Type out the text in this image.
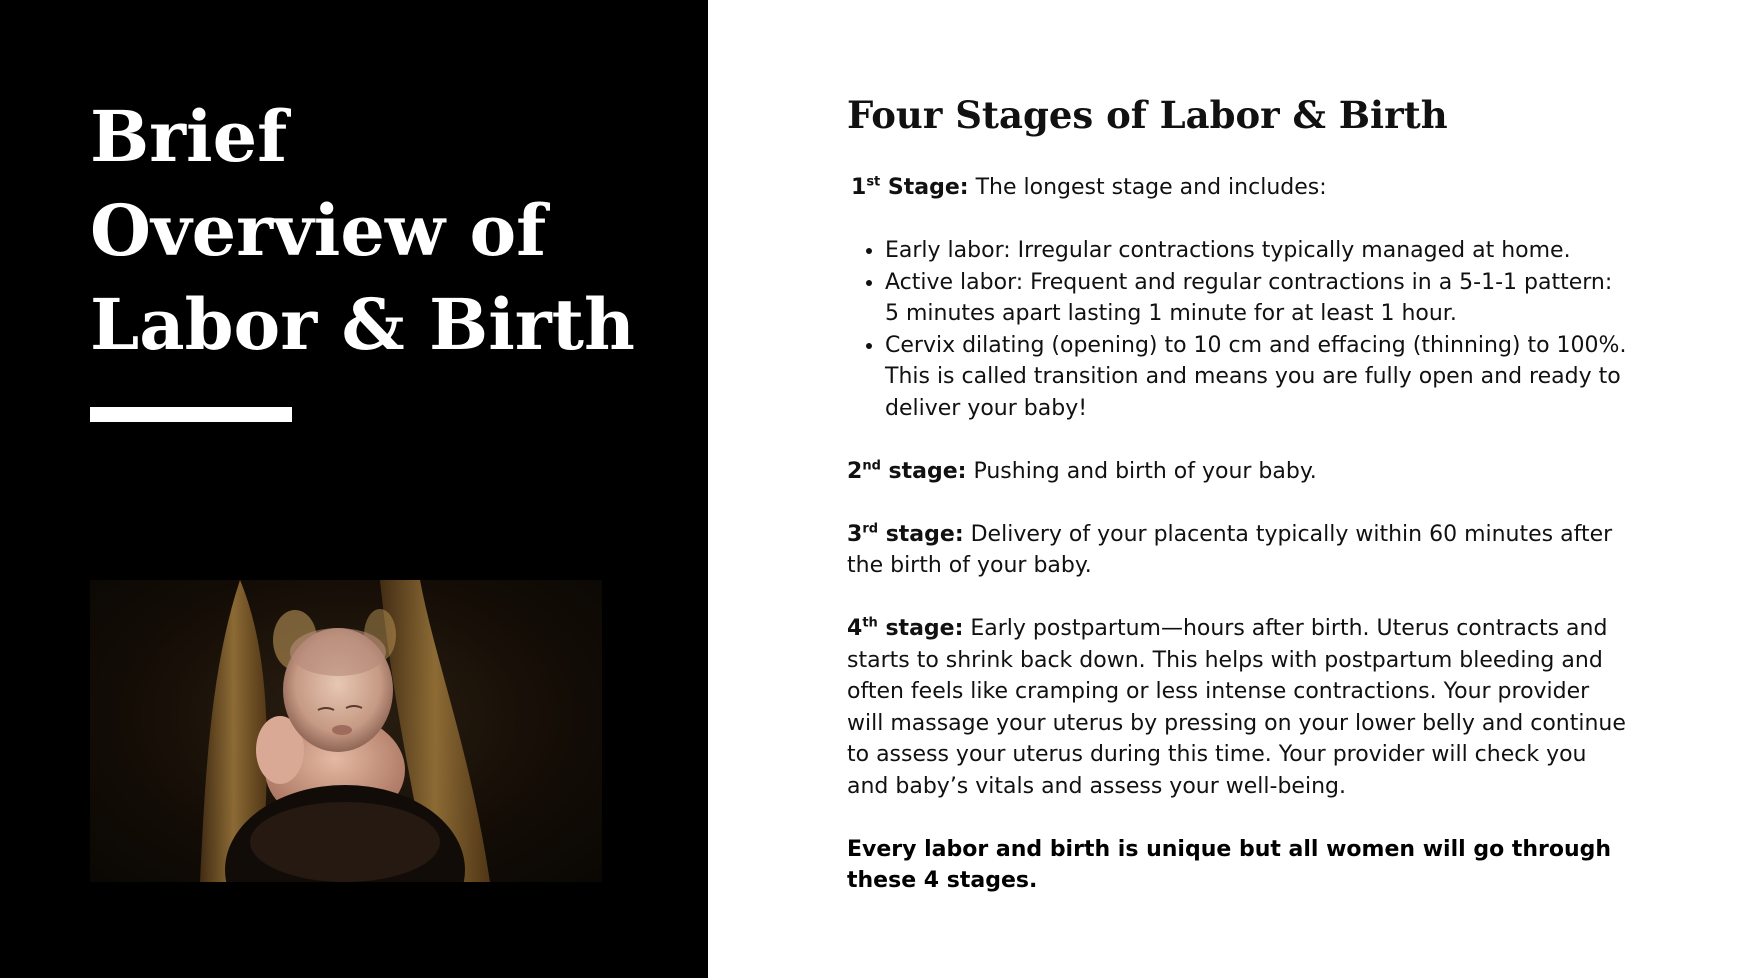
Brief
Overview of
Labor & Birth
Four Stages of Labor & Birth
1st Stage: The longest stage and includes:
• Early labor: Irregular contractions typically managed at home.
• Active labor: Frequent and regular contractions in a 5-1-1 pattern: 5 minutes apart lasting 1 minute for at least 1 hour.
• Cervix dilating (opening) to 10 cm and effacing (thinning) to 100%. This is called transition and means you are fully open and ready to deliver your baby!
2nd stage: Pushing and birth of your baby.
3rd stage: Delivery of your placenta typically within 60 minutes after the birth of your baby.
4th stage: Early postpartum—hours after birth. Uterus contracts and starts to shrink back down. This helps with postpartum bleeding and often feels like cramping or less intense contractions. Your provider will massage your uterus by pressing on your lower belly and continue to assess your uterus during this time. Your provider will check you and baby’s vitals and assess your well-being.
Every labor and birth is unique but all women will go through these 4 stages.
